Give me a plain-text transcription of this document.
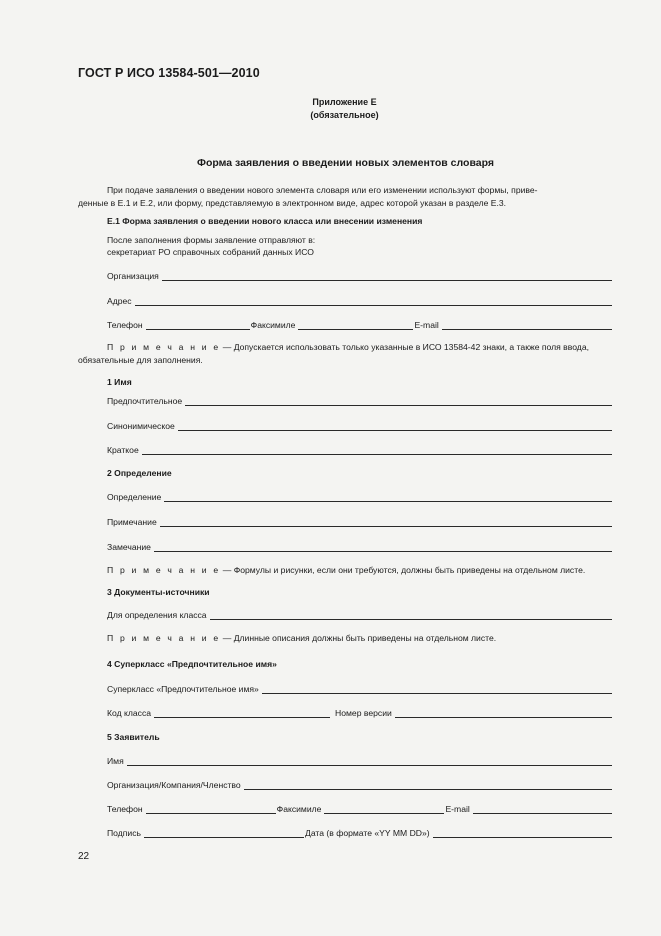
ГОСТ Р ИСО 13584-501—2010
Приложение Е
(обязательное)
Форма заявления о введении новых элементов словаря
При подаче заявления о введении нового элемента словаря или его изменении используют формы, приве-
денные в Е.1 и Е.2, или форму, представляемую в электронном виде, адрес которой указан в разделе Е.3.
Е.1 Форма заявления о введении нового класса или внесении изменения
После заполнения формы заявление отправляют в:
секретариат РО справочных собраний данных ИСО
Организация
Адрес
Телефон	Факсимиле	E-mail
П р и м е ч а н и е — Допускается использовать только указанные в ИСО 13584-42 знаки, а также поля ввода,
обязательные для заполнения.
1 Имя
Предпочтительное
Синонимическое
Краткое
2 Определение
Определение
Примечание
Замечание
П р и м е ч а н и е — Формулы и рисунки, если они требуются, должны быть приведены на отдельном листе.
3 Документы-источники
Для определения класса
П р и м е ч а н и е — Длинные описания должны быть приведены на отдельном листе.
4 Суперкласс «Предпочтительное имя»
Суперкласс «Предпочтительное имя»
Код класса	Номер версии
5 Заявитель
Имя
Организация/Компания/Членство
Телефон	Факсимиле	E-mail
Подпись	Дата (в формате «YY MM DD»)
22
